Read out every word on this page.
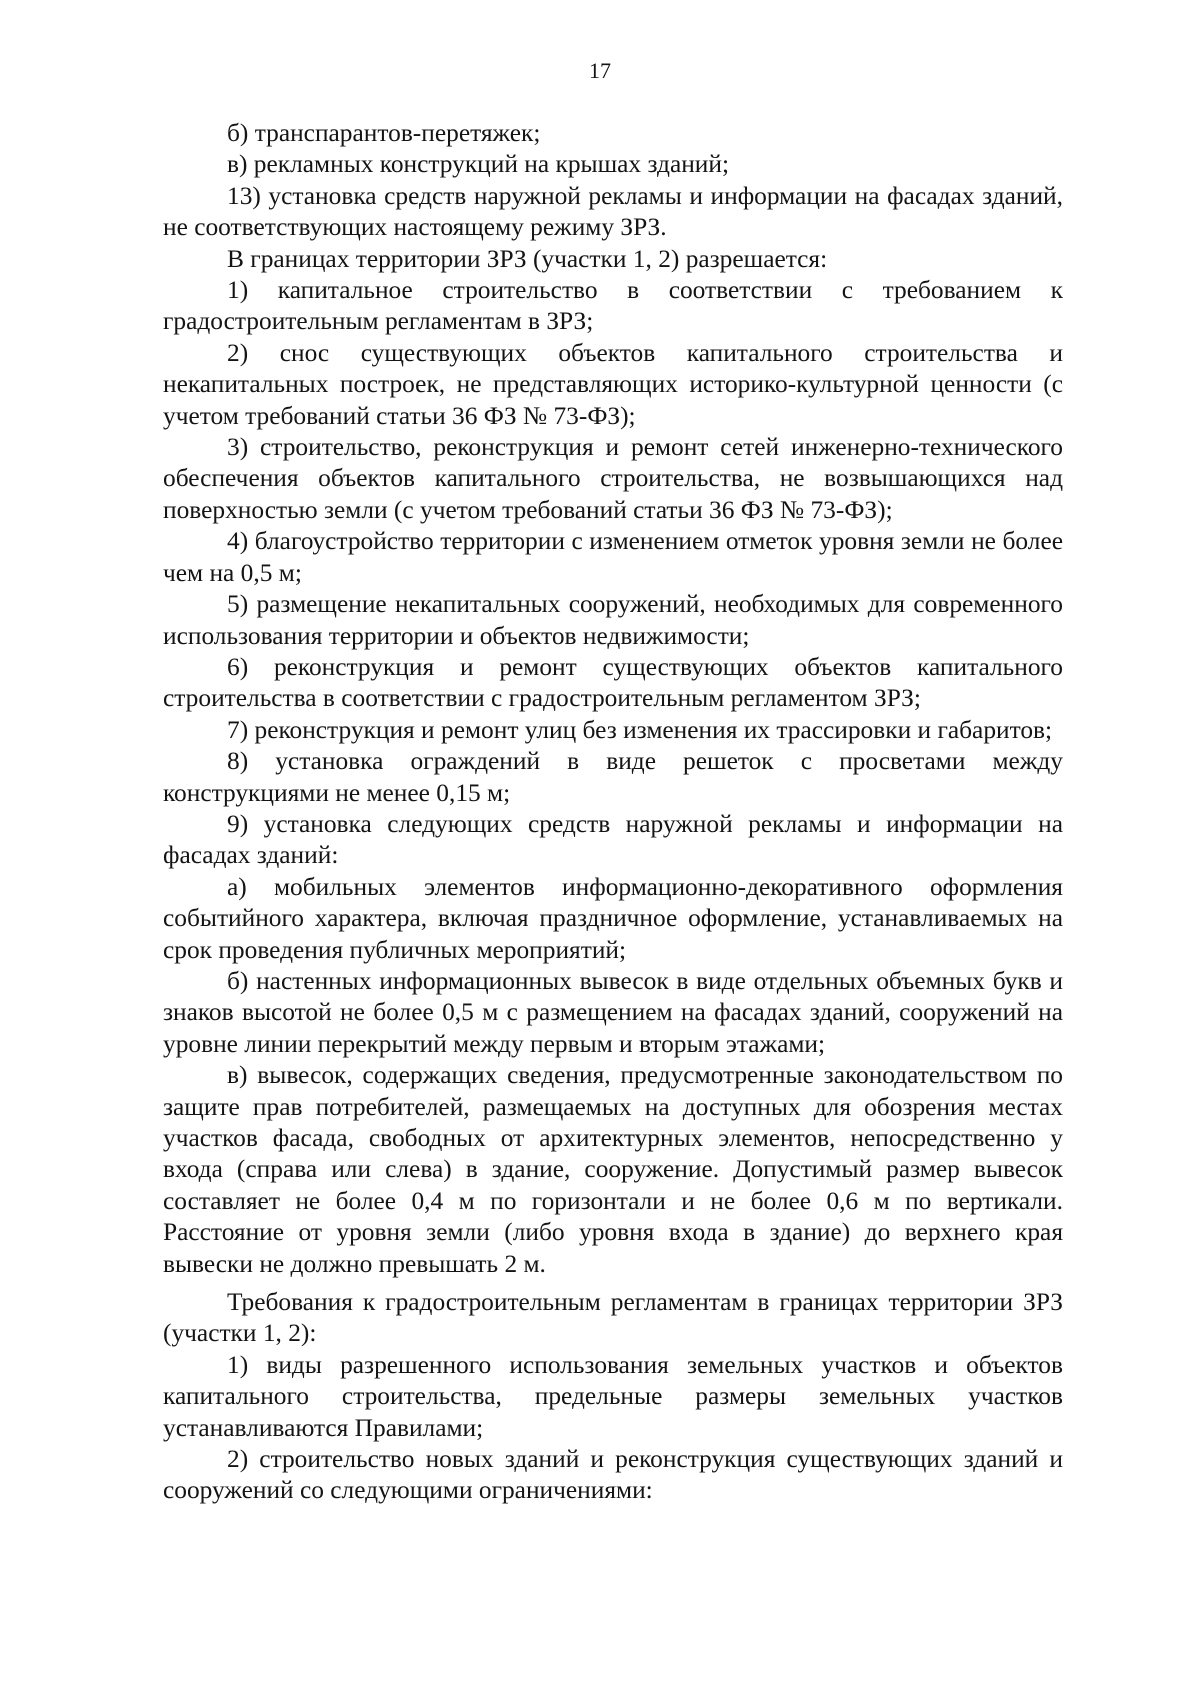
17

б) транспарантов-перетяжек;

в) рекламных конструкций на крышах зданий;

13) установка средств наружной рекламы и информации на фасадах зданий, не соответствующих настоящему режиму ЗРЗ.

В границах территории ЗРЗ (участки 1, 2) разрешается:

1) капитальное строительство в соответствии с требованием к градостроительным регламентам в ЗРЗ;

2) снос существующих объектов капитального строительства и некапитальных построек, не представляющих историко-культурной ценности (с учетом требований статьи 36 ФЗ № 73-ФЗ);

3) строительство, реконструкция и ремонт сетей инженерно-технического обеспечения объектов капитального строительства, не возвышающихся над поверхностью земли (с учетом требований статьи 36 ФЗ № 73-ФЗ);

4) благоустройство территории с изменением отметок уровня земли не более чем на 0,5 м;

5) размещение некапитальных сооружений, необходимых для современного использования территории и объектов недвижимости;

6) реконструкция и ремонт существующих объектов капитального строительства в соответствии с градостроительным регламентом ЗРЗ;

7) реконструкция и ремонт улиц без изменения их трассировки и габаритов;

8) установка ограждений в виде решеток с просветами между конструкциями не менее 0,15 м;

9) установка следующих средств наружной рекламы и информации на фасадах зданий:

а) мобильных элементов информационно-декоративного оформления событийного характера, включая праздничное оформление, устанавливаемых на срок проведения публичных мероприятий;

б) настенных информационных вывесок в виде отдельных объемных букв и знаков высотой не более 0,5 м с размещением на фасадах зданий, сооружений на уровне линии перекрытий между первым и вторым этажами;

в) вывесок, содержащих сведения, предусмотренные законодательством по защите прав потребителей, размещаемых на доступных для обозрения местах участков фасада, свободных от архитектурных элементов, непосредственно у входа (справа или слева) в здание, сооружение. Допустимый размер вывесок составляет не более 0,4 м по горизонтали и не более 0,6 м по вертикали. Расстояние от уровня земли (либо уровня входа в здание) до верхнего края вывески не должно превышать 2 м.

Требования к градостроительным регламентам в границах территории ЗРЗ (участки 1, 2):

1) виды разрешенного использования земельных участков и объектов капитального строительства, предельные размеры земельных участков устанавливаются Правилами;

2) строительство новых зданий и реконструкция существующих зданий и сооружений со следующими ограничениями:
